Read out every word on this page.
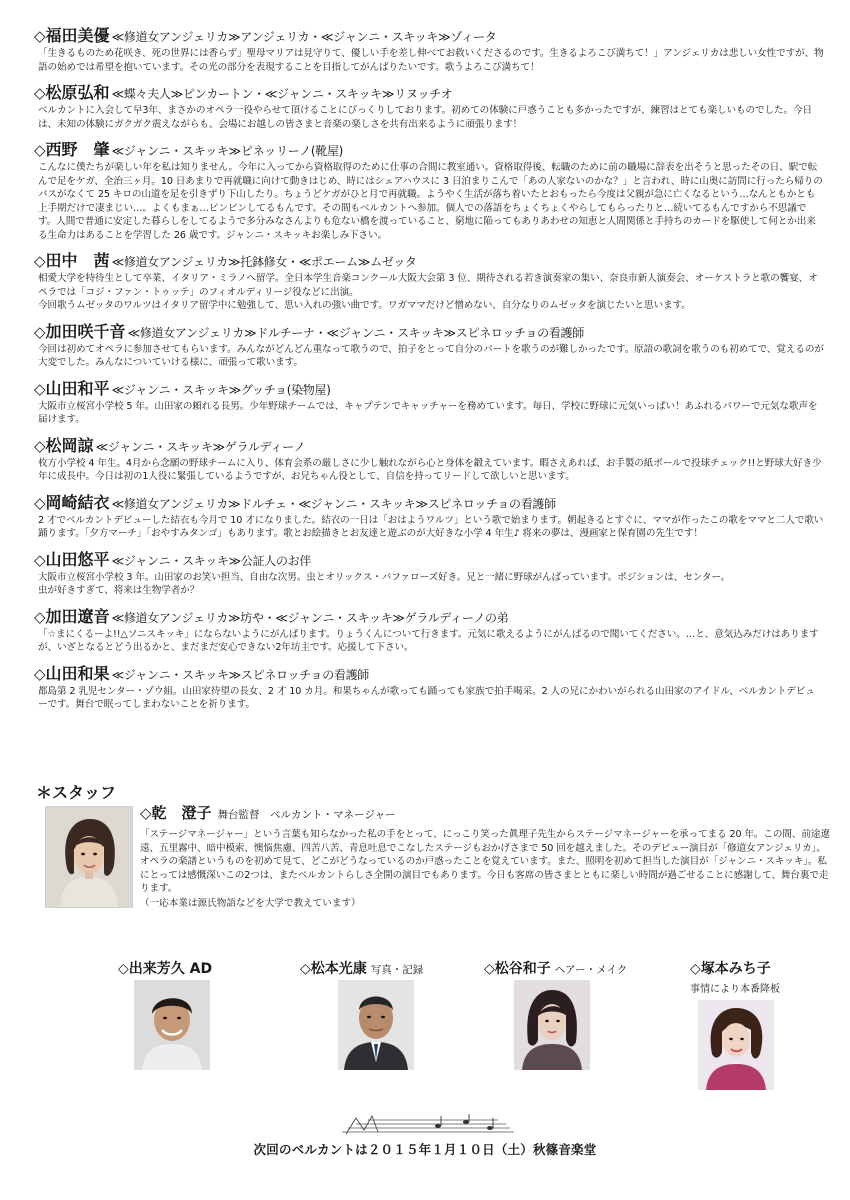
◇福田美優 ≪修道女アンジェリカ≫アンジェリカ・≪ジャンニ・スキッキ≫ゾィータ

「生きるものため花咲き、死の世界には香らず」聖母マリアは見守りて、優しい手を差し伸べてお救いくださるのです。生きるよろこび満ちて！」アンジェリカは悲しい女性ですが、物語の始めでは希望を抱いています。その光の部分を表現することを目指してがんばりたいです。歌うよろこび満ちて！

◇松原弘和 ≪蝶々夫人≫ピンカートン・≪ジャンニ・スキッキ≫リヌッチオ

ベルカントに入会して早3年、まさかのオペラ一役やらせて頂けることにびっくりしております。初めての体験に戸惑うことも多かったですが、練習はとても楽しいものでした。今日は、未知の体験にガクガク震えながらも、会場にお越しの皆さまと音楽の楽しさを共有出来るように頑張ります！

◇西野　肇 ≪ジャンニ・スキッキ≫ピネッリーノ(靴屋)

こんなに僕たちが楽しい年を私は知りません。今年に入ってから資格取得のために仕事の合間に教室通い。資格取得後、転職のために前の職場に辞表を出そうと思ったその日、駅で転んで足をケガ、全治三ヶ月。10 日あまりで再就職に向けて動きはじめ、時にはシェアハウスに 3 日泊まりこんで「あの人家ないのかな？」と言われ、時に山奥に訪問に行ったら帰りのバスがなくて 25 キロの山道を足を引きずり下山したり。ちょうどケガがひと月で再就職。ようやく生活が落ち着いたとおもったら今度は父親が急に亡くなるという…なんともかとも上手期だけで凄まじい…。よくもまぁ…ピンピンしてるもんです。その間もベルカントへ参加。個人での落語をちょくちょくやらしてもらったりと…続いてるもんですから不思議です。人間で普通に安定した暮らしをしてるようで多分みなさんよりも危ない橋を渡っていること、窮地に陥ってもありあわせの知恵と人間関係と手持ちのカードを駆使して何とか出来る生命力はあることを学習した 26 歳です。ジャンニ・スキッキお楽しみ下さい。

◇田中　茜 ≪修道女アンジェリカ≫托鉢修女・≪ポエーム≫ムゼッタ

相愛大学を特待生として卒業、イタリア・ミラノへ留学。全日本学生音楽コンクール大阪大会第 3 位、期待される若き演奏家の集い、奈良市新人演奏会、オーケストラと歌の饗宴、オペラでは「コジ・ファン・トゥッテ」のフィオルディリージ役などに出演。

今回歌うムゼッタのワルツはイタリア留学中に勉強して、思い入れの強い曲です。ワガママだけど憎めない、自分なりのムゼッタを演じたいと思います。

◇加田咲千音 ≪修道女アンジェリカ≫ドルチーナ・≪ジャンニ・スキッキ≫スピネロッチョの看護師

今回は初めてオペラに参加させてもらいます。みんながどんどん重なって歌うので、拍子をとって自分のパートを歌うのが難しかったです。原語の歌詞を歌うのも初めてで、覚えるのが大変でした。みんなについていける様に、頑張って歌います。

◇山田和平 ≪ジャンニ・スキッキ≫グッチョ(染物屋)

大阪市立桜宮小学校 5 年。山田家の頼れる長男。少年野球チームでは、キャプテンでキャッチャーを務めています。毎日、学校に野球に元気いっぱい！あふれるパワーで元気な歌声を届けます。

◇松岡諒 ≪ジャンニ・スキッキ≫ゲラルディーノ

枚方小学校 4 年生。4月から念願の野球チームに入り、体育会系の厳しさに少し触れながら心と身体を鍛えています。暇さえあれば、お手製の紙ボールで投球チェック!!と野球大好き少年に成長中。今日は初の1人役に緊張しているようですが、お兄ちゃん役として、自信を持ってリードして欲しいと思います。

◇岡崎結衣 ≪修道女アンジェリカ≫ドルチェ・≪ジャンニ・スキッキ≫スピネロッチョの看護師

2 才でベルカントデビューした結衣も今月で 10 才になりました。結衣の一日は「おはようワルツ」という歌で始まります。朝起きるとすぐに、ママが作ったこの歌をママと二人で歌い踊ります。「夕方マーチ」「おやすみタンゴ」もあります。歌とお絵描きとお友達と遊ぶのが大好きな小学 4 年生♪ 将来の夢は、漫画家と保育園の先生です！

◇山田悠平 ≪ジャンニ・スキッキ≫公証人のお伴

大阪市立桜宮小学校 3 年。山田家のお笑い担当、自由な次男。虫とオリックス・バファローズ好き。兄と一緒に野球がんばっています。ポジションは、センター。

虫が好きすぎて、将来は生物学者か？

◇加田遼音 ≪修道女アンジェリカ≫坊や・≪ジャンニ・スキッキ≫ゲラルディーノの弟

「☆まにくるーよ!!△ソニスキッキ」にならないようにがんばります。りょうくんについて行きます。元気に歌えるようにがんばるので聞いてください。…と、意気込みだけはありますが、いざとなるとどう出るかと、まだまだ安心できない2年坊主です。応援して下さい。

◇山田和果 ≪ジャンニ・スキッキ≫スピネロッチョの看護師

都島第 2 乳児センター・ゾウ組。山田家待望の長女、2 才 10 カ月。和果ちゃんが歌っても踊っても家族で拍手喝采。2 人の兄にかわいがられる山田家のアイドル、ベルカントデビューです。舞台で眠ってしまわないことを祈ります。

＊スタッフ
◇乾　澄子 舞台監督　ベルカント・マネージャー
「ステージマネージャー」という言葉も知らなかった私の手をとって、にっこり笑った眞理子先生からステージマネージャーを承ってまる 20 年。この間、前途遼遠、五里霧中、暗中模索、懊悩焦慮、四苦八苦、青息吐息でこなしたステージもおかげさまで 50 回を越えました。そのデビュー演目が「修道女アンジェリカ」。オペラの楽譜というものを初めて見て、どこがどうなっているのか戸惑ったことを覚えています。また、照明を初めて担当した演目が「ジャンニ・スキッキ」。私にとっては感慨深いこの2つは、またベルカントらしさ全開の演目でもあります。今日も客席の皆さまとともに楽しい時間が過ごせることに感謝して、舞台裏で走ります。
（一応本業は源氏物語などを大学で教えています）
◇出来芳久 AD	◇松本光康 写真・記録	◇松谷和子 ヘアー・メイク	◇塚本みち子
事情により本番降板
次回のベルカントは２０１５年１月１０日（土）秋篠音楽堂
